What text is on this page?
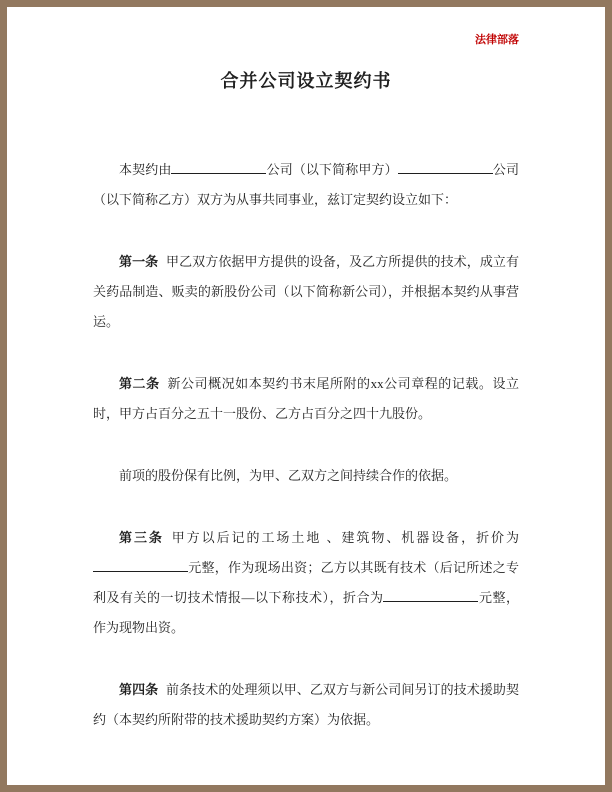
法律部落
合并公司设立契约书

本契约由	公司（以下简称甲方）	公司（以下简称乙方）双方为从事共同事业，兹订定契约设立如下：

第一条 甲乙双方依据甲方提供的设备，及乙方所提供的技术，成立有关药品制造、贩卖的新股份公司（以下简称新公司），并根据本契约从事营运。

第二条 新公司概况如本契约书末尾所附的xx公司章程的记载。设立时，甲方占百分之五十一股份、乙方占百分之四十九股份。

前项的股份保有比例，为甲、乙双方之间持续合作的依据。

第三条 甲方以后记的工场土地 、建筑物、机器设备，折价为元整，作为现场出资；乙方以其既有技术（后记所述之专利及有关的一切技术情报—以下称技术），折合为	元整，作为现物出资。

第四条 前条技术的处理须以甲、乙双方与新公司间另订的技术援助契约（本契约所附带的技术援助契约方案）为依据。
